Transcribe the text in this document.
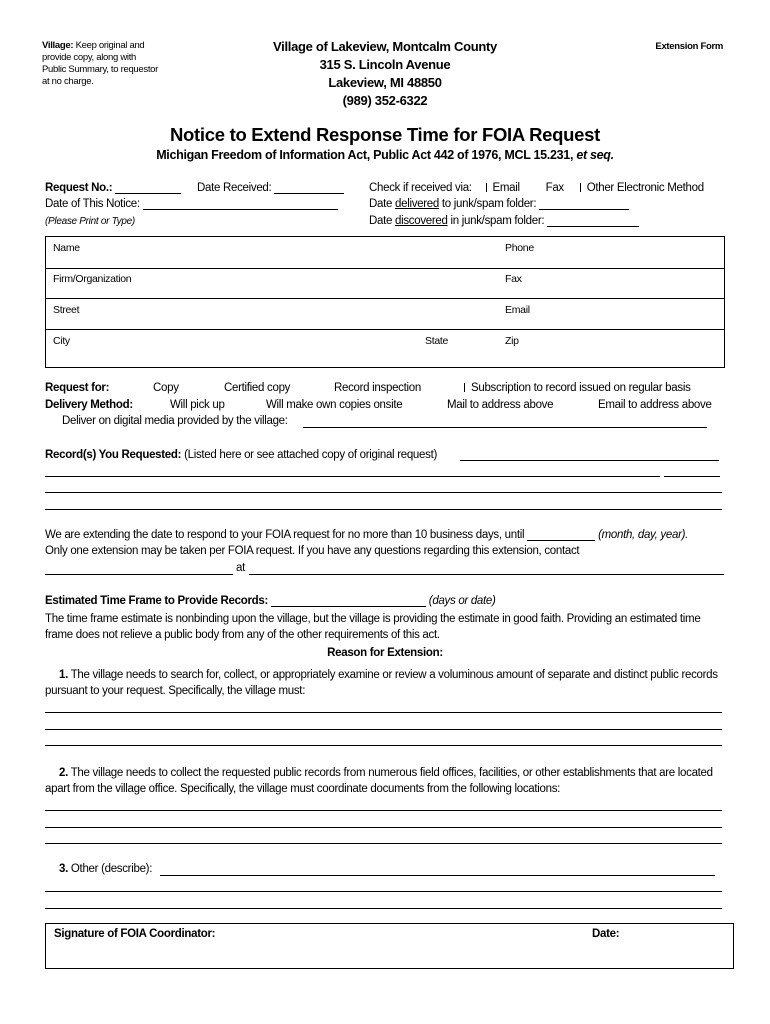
Village: Keep original and provide copy, along with Public Summary, to requestor at no charge.
Village of Lakeview, Montcalm County
315 S. Lincoln Avenue
Lakeview, MI 48850
(989) 352-6322
Extension Form
Notice to Extend Response Time for FOIA Request
Michigan Freedom of Information Act, Public Act 442 of 1976, MCL 15.231, et seq.
Request No.:	Date Received:
Date of This Notice:
(Please Print or Type)
Check if received via: Email Fax Other Electronic Method
Date delivered to junk/spam folder:
Date discovered in junk/spam folder:
Name	Phone
Firm/Organization	Fax
Street	Email
City	State	Zip
Request for:	Copy	Certified copy	Record inspection	Subscription to record issued on regular basis
Delivery Method:	Will pick up	Will make own copies onsite	Mail to address above	Email to address above
Deliver on digital media provided by the village:
Record(s) You Requested: (Listed here or see attached copy of original request)
We are extending the date to respond to your FOIA request for no more than 10 business days, until	(month, day, year).
Only one extension may be taken per FOIA request. If you have any questions regarding this extension, contact
at
Estimated Time Frame to Provide Records:	(days or date)
The time frame estimate is nonbinding upon the village, but the village is providing the estimate in good faith. Providing an estimated time frame does not relieve a public body from any of the other requirements of this act.
Reason for Extension:
1. The village needs to search for, collect, or appropriately examine or review a voluminous amount of separate and distinct public records pursuant to your request. Specifically, the village must:
2. The village needs to collect the requested public records from numerous field offices, facilities, or other establishments that are located apart from the village office. Specifically, the village must coordinate documents from the following locations:
3. Other (describe):
Signature of FOIA Coordinator:	Date:
